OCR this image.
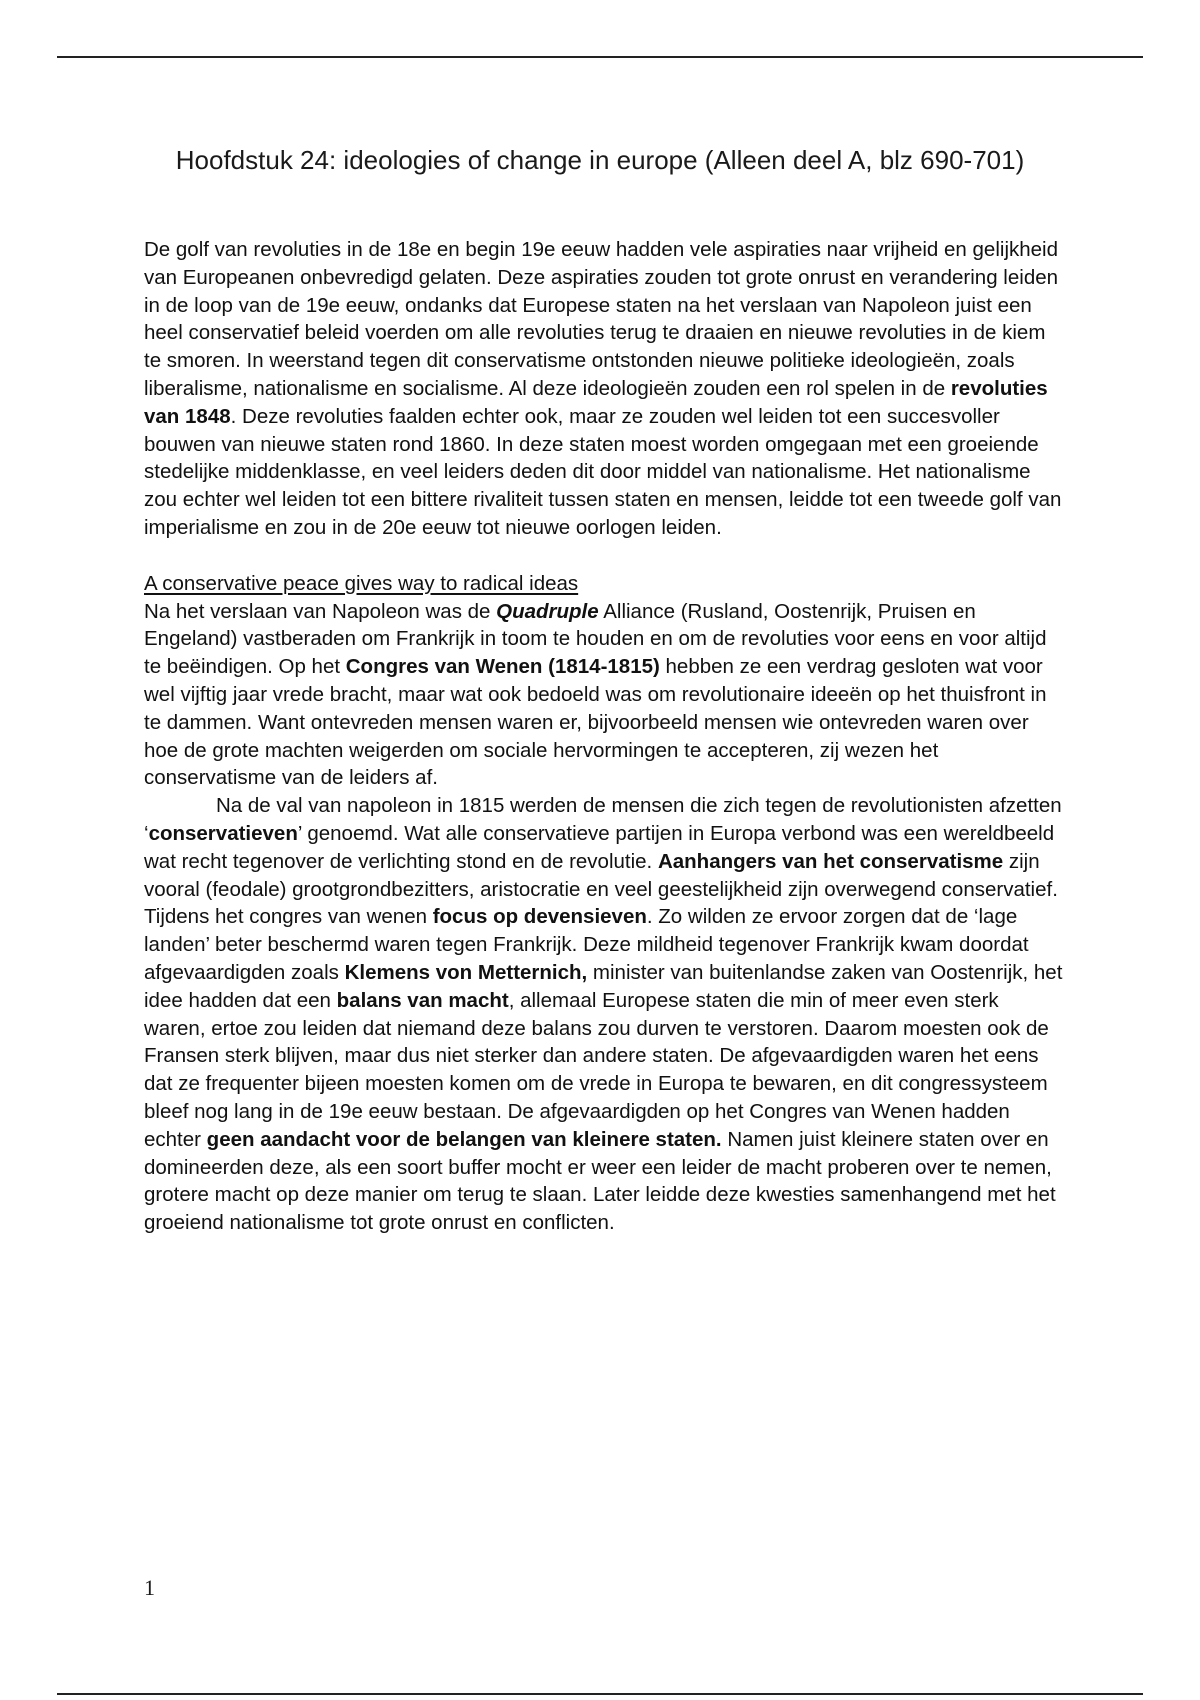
Hoofdstuk 24: ideologies of change in europe (Alleen deel A, blz 690-701)

De golf van revoluties in de 18e en begin 19e eeuw hadden vele aspiraties naar vrijheid en gelijkheid van Europeanen onbevredigd gelaten. Deze aspiraties zouden tot grote onrust en verandering leiden in de loop van de 19e eeuw, ondanks dat Europese staten na het verslaan van Napoleon juist een heel conservatief beleid voerden om alle revoluties terug te draaien en nieuwe revoluties in de kiem te smoren. In weerstand tegen dit conservatisme ontstonden nieuwe politieke ideologieën, zoals liberalisme, nationalisme en socialisme. Al deze ideologieën zouden een rol spelen in de revoluties van 1848. Deze revoluties faalden echter ook, maar ze zouden wel leiden tot een succesvoller bouwen van nieuwe staten rond 1860. In deze staten moest worden omgegaan met een groeiende stedelijke middenklasse, en veel leiders deden dit door middel van nationalisme. Het nationalisme zou echter wel leiden tot een bittere rivaliteit tussen staten en mensen, leidde tot een tweede golf van imperialisme en zou in de 20e eeuw tot nieuwe oorlogen leiden.

A conservative peace gives way to radical ideas

Na het verslaan van Napoleon was de Quadruple Alliance (Rusland, Oostenrijk, Pruisen en Engeland) vastberaden om Frankrijk in toom te houden en om de revoluties voor eens en voor altijd te beëindigen. Op het Congres van Wenen (1814-1815) hebben ze een verdrag gesloten wat voor wel vijftig jaar vrede bracht, maar wat ook bedoeld was om revolutionaire ideeën op het thuisfront in te dammen. Want ontevreden mensen waren er, bijvoorbeeld mensen wie ontevreden waren over hoe de grote machten weigerden om sociale hervormingen te accepteren, zij wezen het conservatisme van de leiders af.

Na de val van napoleon in 1815 werden de mensen die zich tegen de revolutionisten afzetten ‘conservatieven’ genoemd. Wat alle conservatieve partijen in Europa verbond was een wereldbeeld wat recht tegenover de verlichting stond en de revolutie. Aanhangers van het conservatisme zijn vooral (feodale) grootgrondbezitters, aristocratie en veel geestelijkheid zijn overwegend conservatief. Tijdens het congres van wenen focus op devensieven. Zo wilden ze ervoor zorgen dat de ‘lage landen’ beter beschermd waren tegen Frankrijk. Deze mildheid tegenover Frankrijk kwam doordat afgevaardigden zoals Klemens von Metternich, minister van buitenlandse zaken van Oostenrijk, het idee hadden dat een balans van macht, allemaal Europese staten die min of meer even sterk waren, ertoe zou leiden dat niemand deze balans zou durven te verstoren. Daarom moesten ook de Fransen sterk blijven, maar dus niet sterker dan andere staten. De afgevaardigden waren het eens dat ze frequenter bijeen moesten komen om de vrede in Europa te bewaren, en dit congressysteem bleef nog lang in de 19e eeuw bestaan. De afgevaardigden op het Congres van Wenen hadden echter geen aandacht voor de belangen van kleinere staten. Namen juist kleinere staten over en domineerden deze, als een soort buffer mocht er weer een leider de macht proberen over te nemen, grotere macht op deze manier om terug te slaan. Later leidde deze kwesties samenhangend met het groeiend nationalisme tot grote onrust en conflicten.

1
